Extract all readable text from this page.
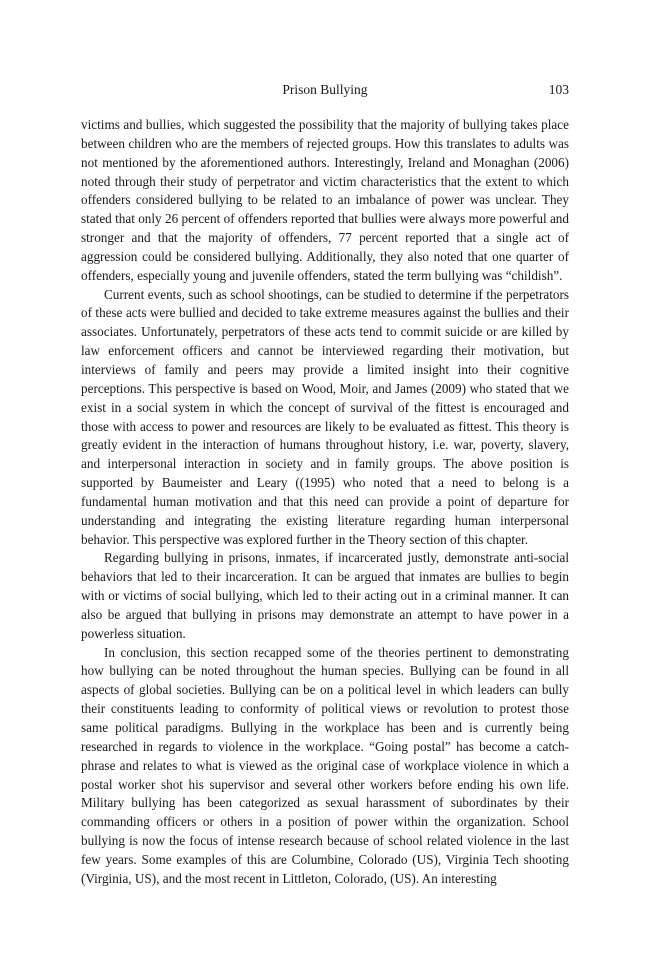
Prison Bullying	103

victims and bullies, which suggested the possibility that the majority of bullying takes place between children who are the members of rejected groups. How this translates to adults was not mentioned by the aforementioned authors. Interestingly, Ireland and Monaghan (2006) noted through their study of perpetrator and victim characteristics that the extent to which offenders considered bullying to be related to an imbalance of power was unclear. They stated that only 26 percent of offenders reported that bullies were always more powerful and stronger and that the majority of offenders, 77 percent reported that a single act of aggression could be considered bullying. Additionally, they also noted that one quarter of offenders, especially young and juvenile offenders, stated the term bullying was “childish”.

Current events, such as school shootings, can be studied to determine if the perpetrators of these acts were bullied and decided to take extreme measures against the bullies and their associates. Unfortunately, perpetrators of these acts tend to commit suicide or are killed by law enforcement officers and cannot be interviewed regarding their motivation, but interviews of family and peers may provide a limited insight into their cognitive perceptions. This perspective is based on Wood, Moir, and James (2009) who stated that we exist in a social system in which the concept of survival of the fittest is encouraged and those with access to power and resources are likely to be evaluated as fittest. This theory is greatly evident in the interaction of humans throughout history, i.e. war, poverty, slavery, and interpersonal interaction in society and in family groups. The above position is supported by Baumeister and Leary ((1995) who noted that a need to belong is a fundamental human motivation and that this need can provide a point of departure for understanding and integrating the existing literature regarding human interpersonal behavior. This perspective was explored further in the Theory section of this chapter.

Regarding bullying in prisons, inmates, if incarcerated justly, demonstrate anti-social behaviors that led to their incarceration. It can be argued that inmates are bullies to begin with or victims of social bullying, which led to their acting out in a criminal manner. It can also be argued that bullying in prisons may demonstrate an attempt to have power in a powerless situation.

In conclusion, this section recapped some of the theories pertinent to demonstrating how bullying can be noted throughout the human species. Bullying can be found in all aspects of global societies. Bullying can be on a political level in which leaders can bully their constituents leading to conformity of political views or revolution to protest those same political paradigms. Bullying in the workplace has been and is currently being researched in regards to violence in the workplace. “Going postal” has become a catch-phrase and relates to what is viewed as the original case of workplace violence in which a postal worker shot his supervisor and several other workers before ending his own life. Military bullying has been categorized as sexual harassment of subordinates by their commanding officers or others in a position of power within the organization. School bullying is now the focus of intense research because of school related violence in the last few years. Some examples of this are Columbine, Colorado (US), Virginia Tech shooting (Virginia, US), and the most recent in Littleton, Colorado, (US). An interesting
